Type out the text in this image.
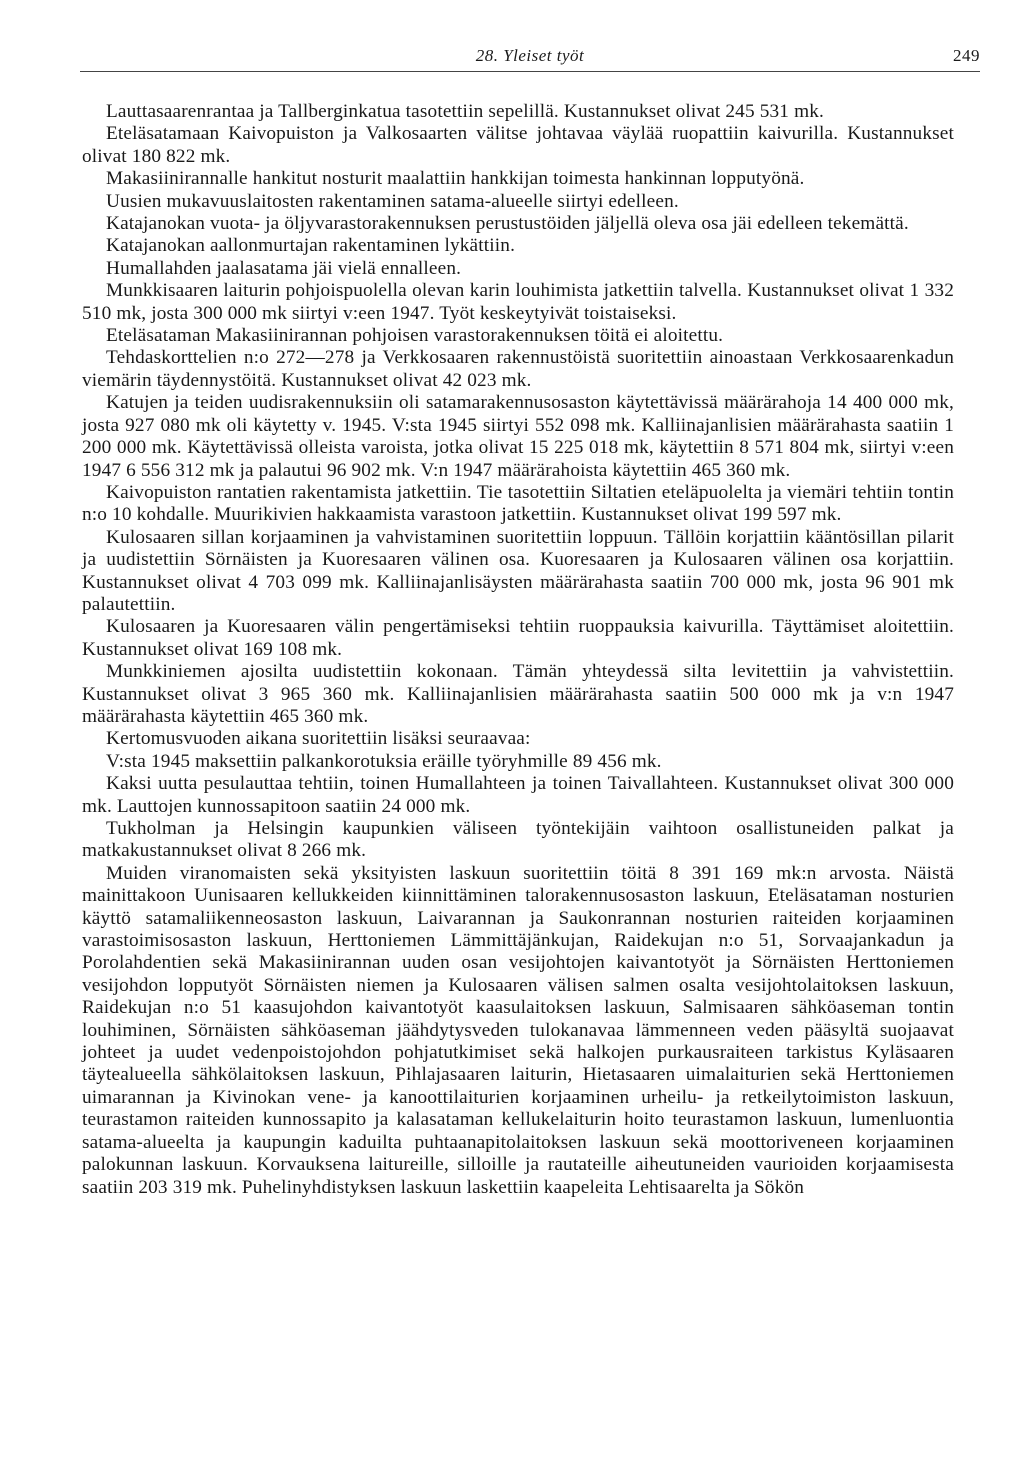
28. Yleiset työt	249

Lauttasaarenrantaa ja Tallberginkatua tasotettiin sepelillä. Kustannukset olivat 245 531 mk.

Eteläsatamaan Kaivopuiston ja Valkosaarten välitse johtavaa väylää ruopattiin kaivurilla. Kustannukset olivat 180 822 mk.

Makasiinirannalle hankitut nosturit maalattiin hankkijan toimesta hankinnan lopputyönä.

Uusien mukavuuslaitosten rakentaminen satama-alueelle siirtyi edelleen.

Katajanokan vuota- ja öljyvarastorakennuksen perustustöiden jäljellä oleva osa jäi edelleen tekemättä.

Katajanokan aallonmurtajan rakentaminen lykättiin.

Humallahden jaalasatama jäi vielä ennalleen.

Munkkisaaren laiturin pohjoispuolella olevan karin louhimista jatkettiin talvella. Kustannukset olivat 1 332 510 mk, josta 300 000 mk siirtyi v:een 1947. Työt keskeytyivät toistaiseksi.

Eteläsataman Makasiinirannan pohjoisen varastorakennuksen töitä ei aloitettu.

Tehdaskorttelien n:o 272—278 ja Verkkosaaren rakennustöistä suoritettiin ainoastaan Verkkosaarenkadun viemärin täydennystöitä. Kustannukset olivat 42 023 mk.

Katujen ja teiden uudisrakennuksiin oli satamarakennusosaston käytettävissä määrärahoja 14 400 000 mk, josta 927 080 mk oli käytetty v. 1945. V:sta 1945 siirtyi 552 098 mk. Kalliinajanlisien määrärahasta saatiin 1 200 000 mk. Käytettävissä olleista varoista, jotka olivat 15 225 018 mk, käytettiin 8 571 804 mk, siirtyi v:een 1947 6 556 312 mk ja palautui 96 902 mk. V:n 1947 määrärahoista käytettiin 465 360 mk.

Kaivopuiston rantatien rakentamista jatkettiin. Tie tasotettiin Siltatien eteläpuolelta ja viemäri tehtiin tontin n:o 10 kohdalle. Muurikivien hakkaamista varastoon jatkettiin. Kustannukset olivat 199 597 mk.

Kulosaaren sillan korjaaminen ja vahvistaminen suoritettiin loppuun. Tällöin korjattiin kääntösillan pilarit ja uudistettiin Sörnäisten ja Kuoresaaren välinen osa. Kuoresaaren ja Kulosaaren välinen osa korjattiin. Kustannukset olivat 4 703 099 mk. Kalliinajanlisäysten määrärahasta saatiin 700 000 mk, josta 96 901 mk palautettiin.

Kulosaaren ja Kuoresaaren välin pengertämiseksi tehtiin ruoppauksia kaivurilla. Täyttämiset aloitettiin. Kustannukset olivat 169 108 mk.

Munkkiniemen ajosilta uudistettiin kokonaan. Tämän yhteydessä silta levitettiin ja vahvistettiin. Kustannukset olivat 3 965 360 mk. Kalliinajanlisien määrärahasta saatiin 500 000 mk ja v:n 1947 määrärahasta käytettiin 465 360 mk.

Kertomusvuoden aikana suoritettiin lisäksi seuraavaa:

V:sta 1945 maksettiin palkankorotuksia eräille työryhmille 89 456 mk.

Kaksi uutta pesulauttaa tehtiin, toinen Humallahteen ja toinen Taivallahteen. Kustannukset olivat 300 000 mk. Lauttojen kunnossapitoon saatiin 24 000 mk.

Tukholman ja Helsingin kaupunkien väliseen työntekijäin vaihtoon osallistuneiden palkat ja matkakustannukset olivat 8 266 mk.

Muiden viranomaisten sekä yksityisten laskuun suoritettiin töitä 8 391 169 mk:n arvosta. Näistä mainittakoon Uunisaaren kellukkeiden kiinnittäminen talorakennusosaston laskuun, Eteläsataman nosturien käyttö satamaliikenneosaston laskuun, Laivarannan ja Saukonrannan nosturien raiteiden korjaaminen varastoimisosaston laskuun, Herttoniemen Lämmittäjänkujan, Raidekujan n:o 51, Sorvaajankadun ja Porolahdentien sekä Makasiinirannan uuden osan vesijohtojen kaivantotyöt ja Sörnäisten Herttoniemen vesijohdon lopputyöt Sörnäisten niemen ja Kulosaaren välisen salmen osalta vesijohtolaitoksen laskuun, Raidekujan n:o 51 kaasujohdon kaivantotyöt kaasulaitoksen laskuun, Salmisaaren sähköaseman tontin louhiminen, Sörnäisten sähköaseman jäähdytysveden tulokanavaa lämmenneen veden pääsyltä suojaavat johteet ja uudet vedenpoistojohdon pohjatutkimiset sekä halkojen purkausraiteen tarkistus Kyläsaaren täytealueella sähkölaitoksen laskuun, Pihlajasaaren laiturin, Hietasaaren uimalaiturien sekä Herttoniemen uimarannan ja Kivinokan vene- ja kanoottilaiturien korjaaminen urheilu- ja retkeilytoimiston laskuun, teurastamon raiteiden kunnossapito ja kalasataman kellukelaiturin hoito teurastamon laskuun, lumenluontia satama-alueelta ja kaupungin kaduilta puhtaanapitolaitoksen laskuun sekä moottoriveneen korjaaminen palokunnan laskuun. Korvauksena laitureille, silloille ja rautateille aiheutuneiden vaurioiden korjaamisesta saatiin 203 319 mk. Puhelinyhdistyksen laskuun laskettiin kaapeleita Lehtisaarelta ja Sökön
